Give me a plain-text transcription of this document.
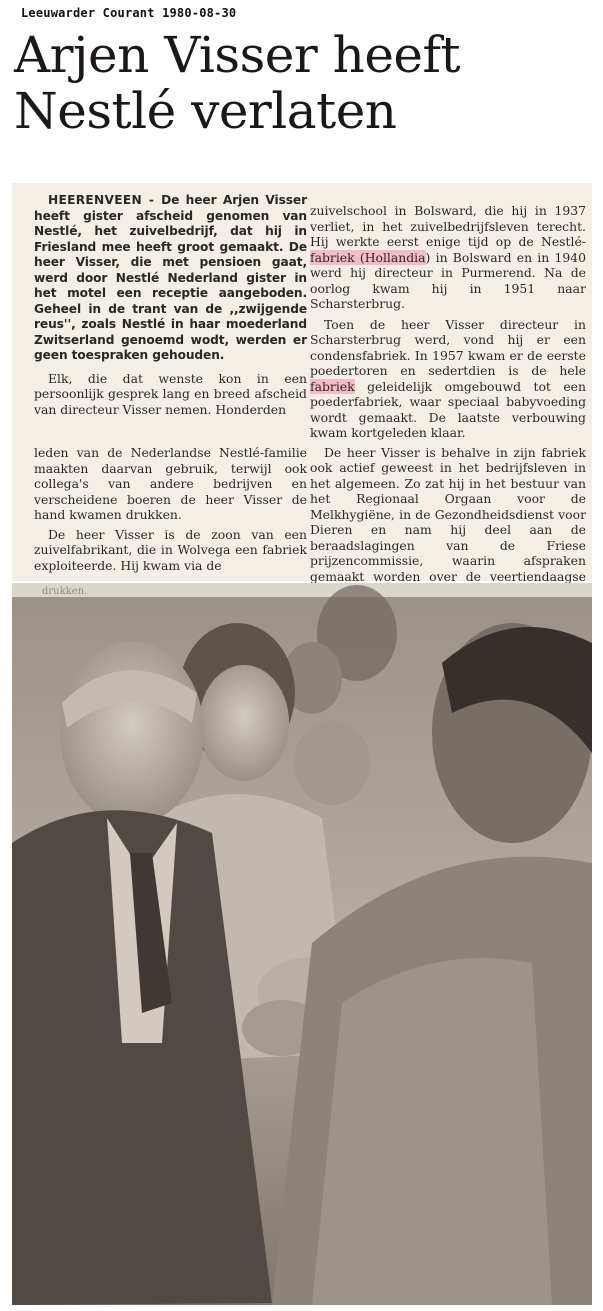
Leeuwarder Courant 1980-08-30
Arjen Visser heeft
Nestlé verlaten

HEERENVEEN - De heer Arjen Visser heeft gister afscheid genomen van Nestlé, het zuivelbedrijf, dat hij in Friesland mee heeft groot gemaakt. De heer Visser, die met pensioen gaat, werd door Nestlé Nederland gister in het motel een receptie aangeboden. Geheel in de trant van de ,,zwijgende reus'', zoals Nestlé in haar moederland Zwitserland genoemd wodt, werden er geen toespraken gehouden.

Elk, die dat wenste kon in een persoonlijk gesprek lang en breed afscheid van directeur Visser nemen. Honderden

leden van de Nederlandse Nestlé-familie maakten daarvan gebruik, terwijl ook collega's van andere bedrijven en verscheidene boeren de heer Visser de hand kwamen drukken.

De heer Visser is de zoon van een zuivelfabrikant, die in Wolvega een fabriek exploiteerde. Hij kwam via de

zuivelschool in Bolsward, die hij in 1937 verliet, in het zuivelbedrijfsleven terecht. Hij werkte eerst enige tijd op de Nestlé-fabriek (Hollandia) in Bolsward en in 1940 werd hij directeur in Purmerend. Na de oorlog kwam hij in 1951 naar Scharsterbrug.

Toen de heer Visser directeur in Scharsterbrug werd, vond hij er een condensfabriek. In 1957 kwam er de eerste poedertoren en sedertdien is de hele fabriek geleidelijk omgebouwd tot een poederfabriek, waar speciaal babyvoeding wordt gemaakt. De laatste verbouwing kwam kortgeleden klaar.

De heer Visser is behalve in zijn fabriek ook actief geweest in het bedrijfsleven in het algemeen. Zo zat hij in het bestuur van het Regionaal Orgaan voor de Melkhygiëne, in de Gezondheidsdienst voor Dieren en nam hij deel aan de beraadslagingen van de Friese prijzencommissie, waarin afspraken gemaakt worden over de veertiendaagse

drukken.
